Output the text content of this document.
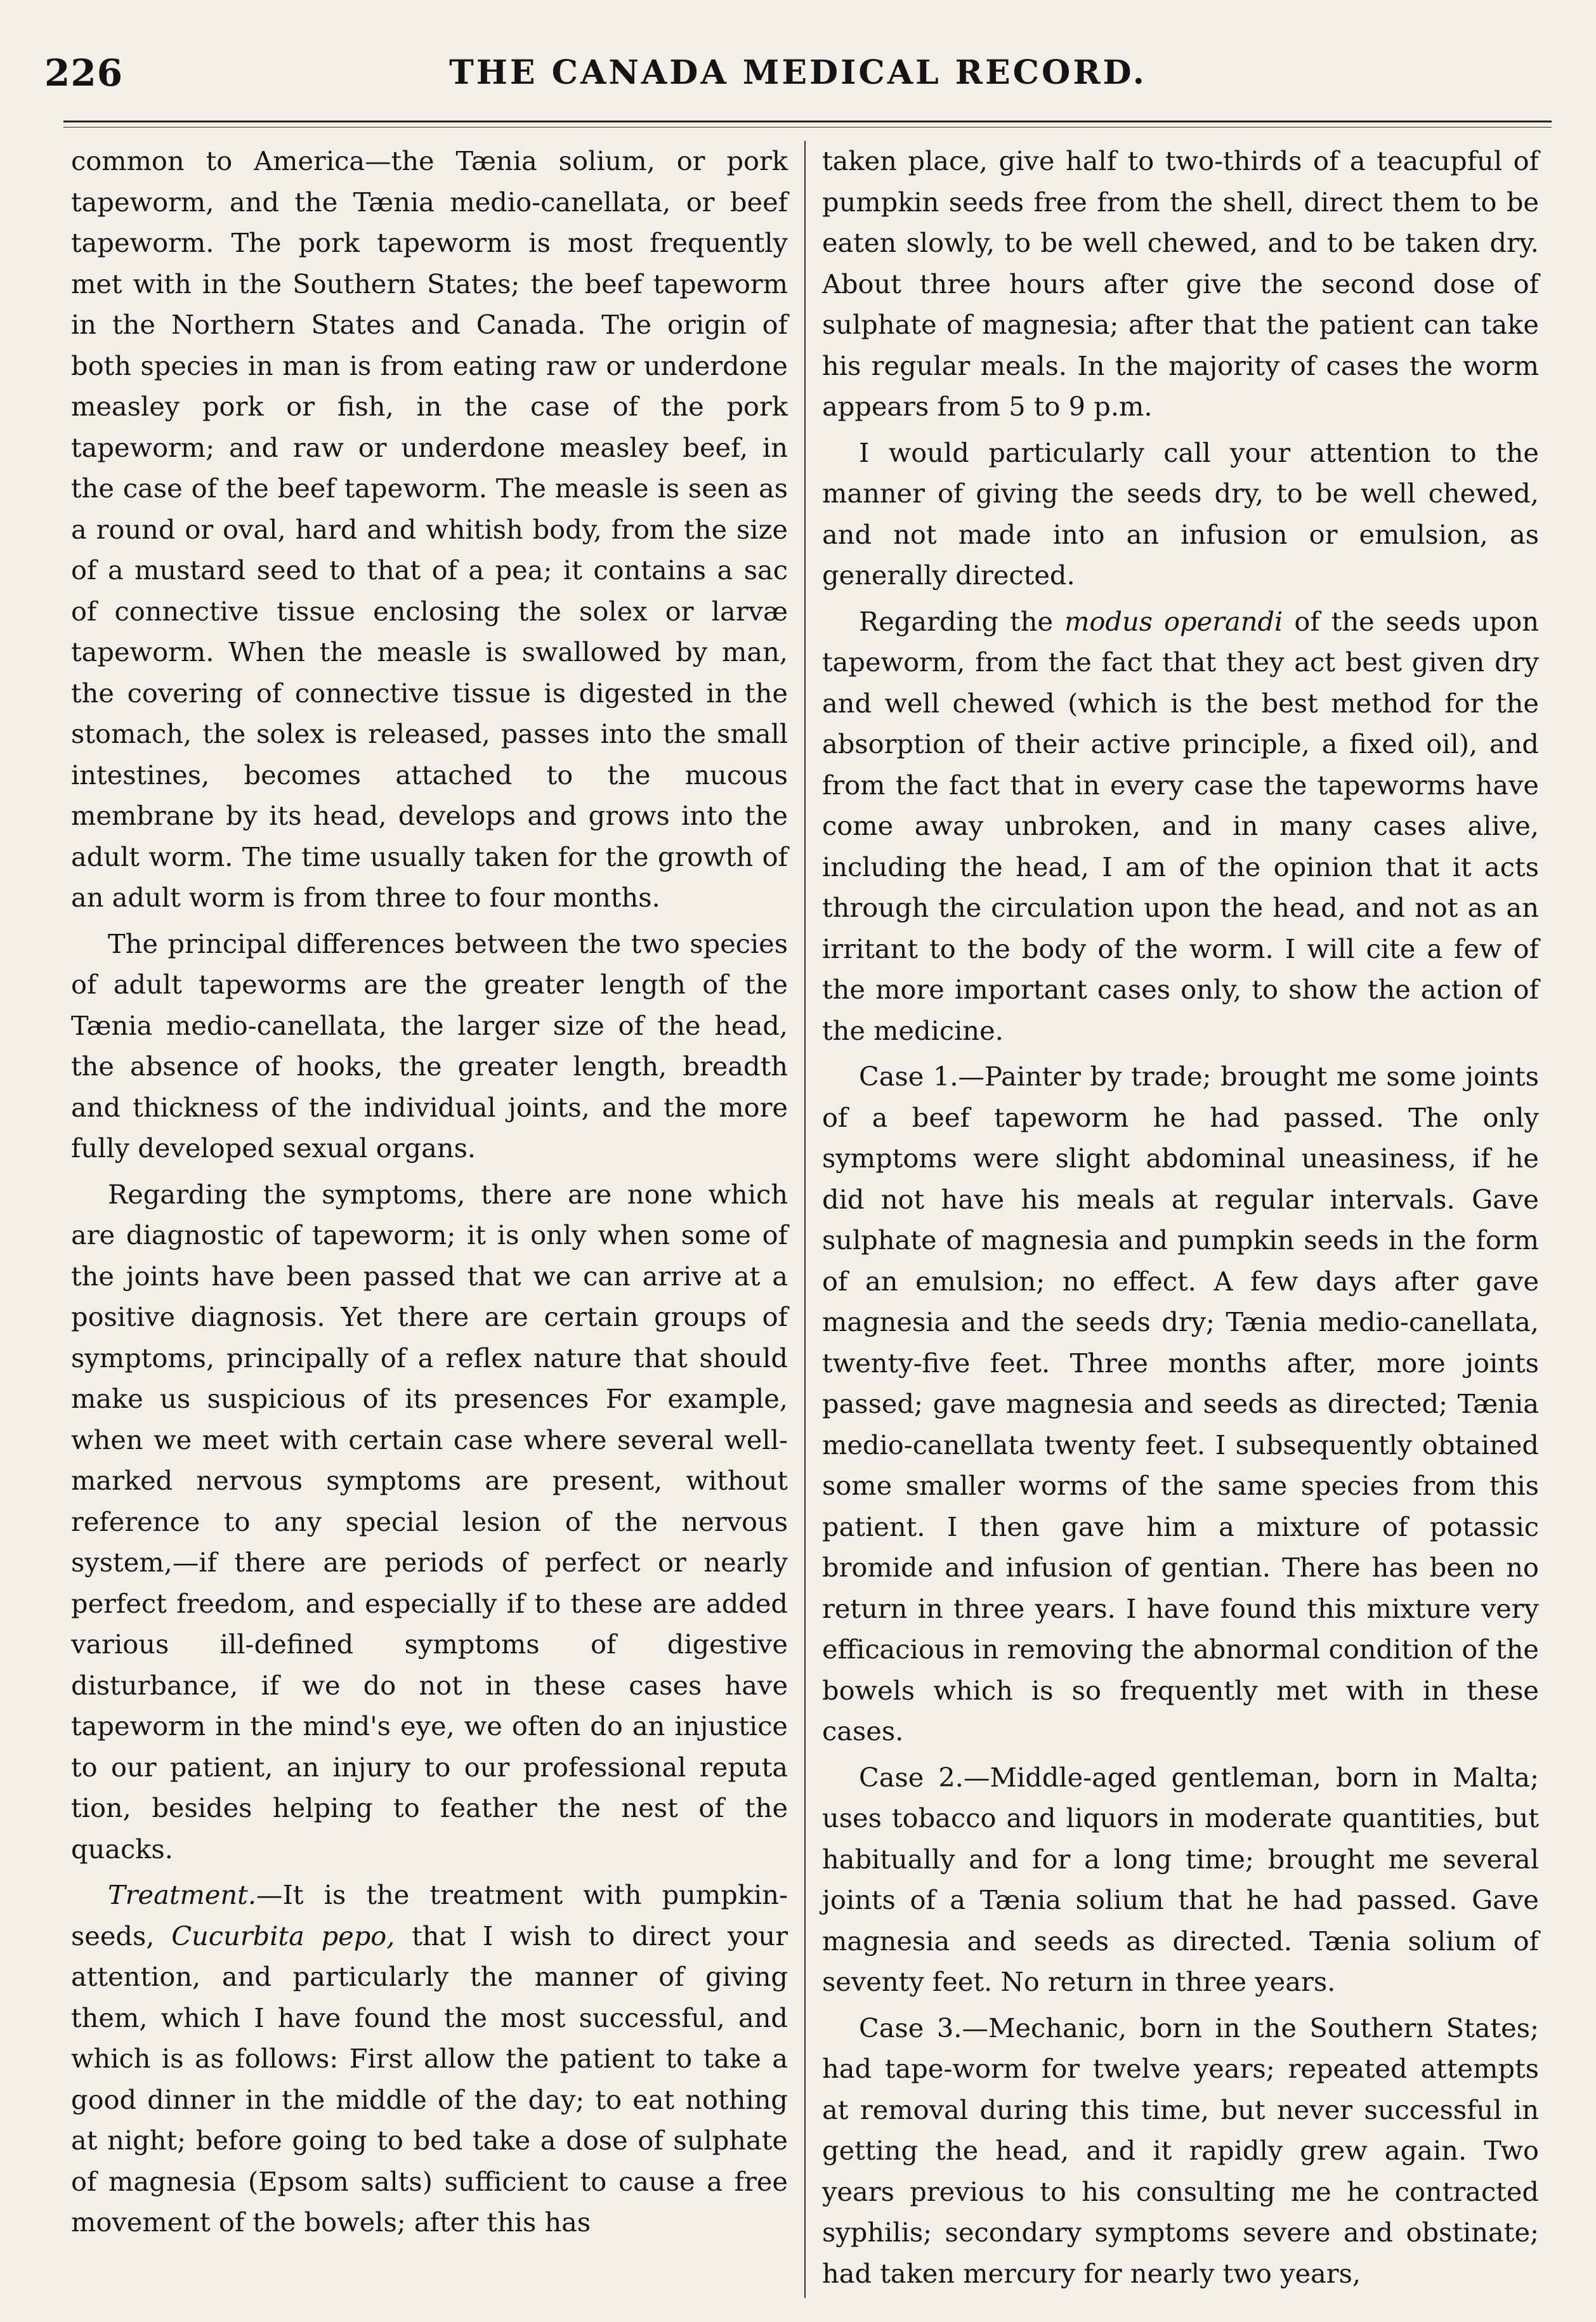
226	THE CANADA MEDICAL RECORD.

common to America—the Tænia solium, or pork tapeworm, and the Tænia medio-canellata, or beef tapeworm. The pork tapeworm is most frequently met with in the Southern States; the beef tapeworm in the Northern States and Canada. The origin of both species in man is from eating raw or underdone measley pork or fish, in the case of the pork tapeworm; and raw or underdone measley beef, in the case of the beef tapeworm. The measle is seen as a round or oval, hard and whitish body, from the size of a mustard seed to that of a pea; it contains a sac of connective tissue enclosing the solex or larvæ tapeworm. When the measle is swallowed by man, the covering of connective tissue is digested in the stomach, the solex is released, passes into the small intestines, becomes attached to the mucous membrane by its head, develops and grows into the adult worm. The time usually taken for the growth of an adult worm is from three to four months.

The principal differences between the two species of adult tapeworms are the greater length of the Tænia medio-canellata, the larger size of the head, the absence of hooks, the greater length, breadth and thickness of the individual joints, and the more fully developed sexual organs.

Regarding the symptoms, there are none which are diagnostic of tapeworm; it is only when some of the joints have been passed that we can arrive at a positive diagnosis. Yet there are certain groups of symptoms, principally of a reflex nature that should make us suspicious of its presences For example, when we meet with certain case where several well-marked nervous symptoms are present, without reference to any special lesion of the nervous system,—if there are periods of perfect or nearly perfect freedom, and especially if to these are added various ill-defined symptoms of digestive disturbance, if we do not in these cases have tapeworm in the mind's eye, we often do an injustice to our patient, an injury to our professional reputa tion, besides helping to feather the nest of the quacks.

Treatment.—It is the treatment with pumpkin-seeds, Cucurbita pepo, that I wish to direct your attention, and particularly the manner of giving them, which I have found the most successful, and which is as follows: First allow the patient to take a good dinner in the middle of the day; to eat nothing at night; before going to bed take a dose of sulphate of magnesia (Epsom salts) sufficient to cause a free movement of the bowels; after this has

taken place, give half to two-thirds of a teacupful of pumpkin seeds free from the shell, direct them to be eaten slowly, to be well chewed, and to be taken dry. About three hours after give the second dose of sulphate of magnesia; after that the patient can take his regular meals. In the majority of cases the worm appears from 5 to 9 p.m.

I would particularly call your attention to the manner of giving the seeds dry, to be well chewed, and not made into an infusion or emulsion, as generally directed.

Regarding the modus operandi of the seeds upon tapeworm, from the fact that they act best given dry and well chewed (which is the best method for the absorption of their active principle, a fixed oil), and from the fact that in every case the tapeworms have come away unbroken, and in many cases alive, including the head, I am of the opinion that it acts through the circulation upon the head, and not as an irritant to the body of the worm. I will cite a few of the more important cases only, to show the action of the medicine.

Case 1.—Painter by trade; brought me some joints of a beef tapeworm he had passed. The only symptoms were slight abdominal uneasiness, if he did not have his meals at regular intervals. Gave sulphate of magnesia and pumpkin seeds in the form of an emulsion; no effect. A few days after gave magnesia and the seeds dry; Tænia medio-canellata, twenty-five feet. Three months after, more joints passed; gave magnesia and seeds as directed; Tænia medio-canellata twenty feet. I subsequently obtained some smaller worms of the same species from this patient. I then gave him a mixture of potassic bromide and infusion of gentian. There has been no return in three years. I have found this mixture very efficacious in removing the abnormal condition of the bowels which is so frequently met with in these cases.

Case 2.—Middle-aged gentleman, born in Malta; uses tobacco and liquors in moderate quantities, but habitually and for a long time; brought me several joints of a Tænia solium that he had passed. Gave magnesia and seeds as directed. Tænia solium of seventy feet. No return in three years.

Case 3.—Mechanic, born in the Southern States; had tape-worm for twelve years; repeated attempts at removal during this time, but never successful in getting the head, and it rapidly grew again. Two years previous to his consulting me he contracted syphilis; secondary symptoms severe and obstinate; had taken mercury for nearly two years,
